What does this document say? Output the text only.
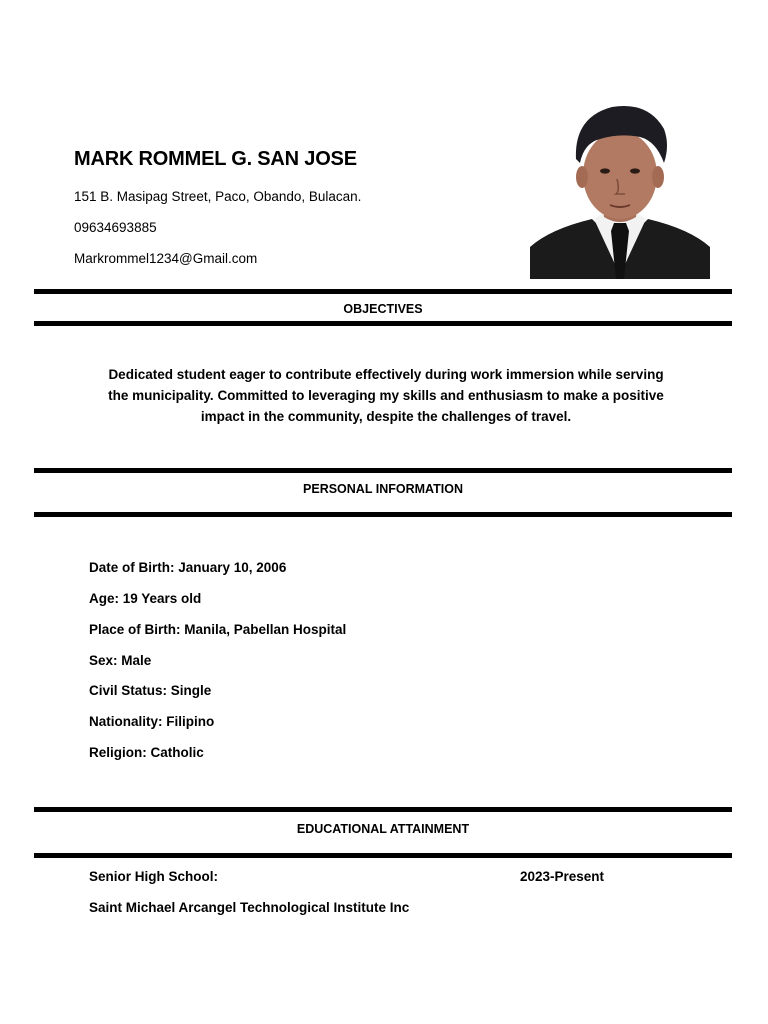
MARK ROMMEL G. SAN JOSE
151 B. Masipag Street, Paco, Obando, Bulacan.
09634693885
Markrommel1234@Gmail.com
OBJECTIVES
Dedicated student eager to contribute effectively during work immersion while serving
the municipality. Committed to leveraging my skills and enthusiasm to make a positive
impact in the community, despite the challenges of travel.
PERSONAL INFORMATION
Date of Birth: January 10, 2006
Age: 19 Years old
Place of Birth: Manila, Pabellan Hospital
Sex: Male
Civil Status: Single
Nationality: Filipino
Religion: Catholic
EDUCATIONAL ATTAINMENT
Senior High School:	2023-Present
Saint Michael Arcangel Technological Institute Inc
